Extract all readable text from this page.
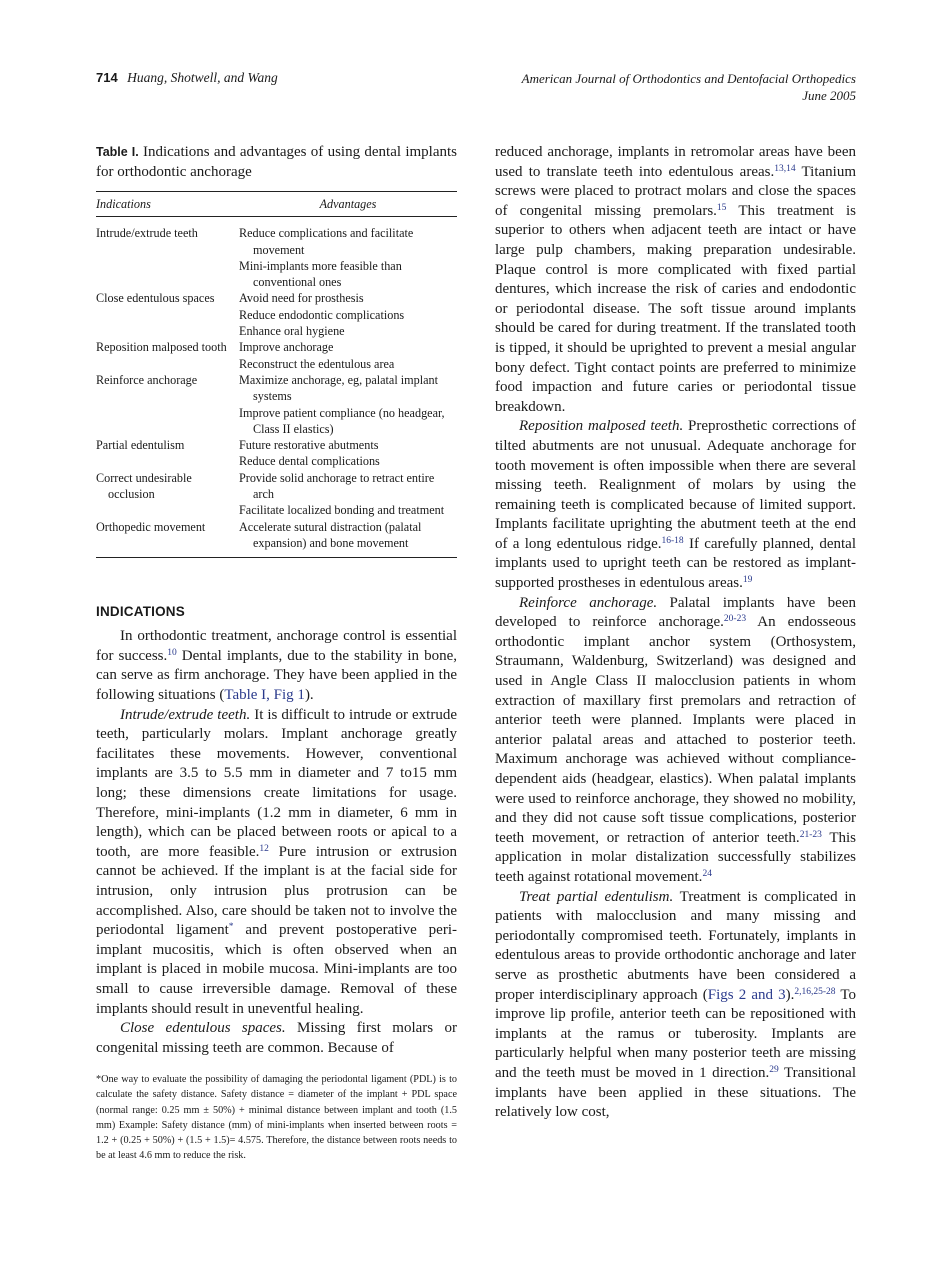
714 Huang, Shotwell, and Wang	American Journal of Orthodontics and Dentofacial Orthopedics
June 2005
Table I. Indications and advantages of using dental implants for orthodontic anchorage
Indications	Advantages

Intrude/extrude teeth	Reduce complications and facilitate movement

	Mini-implants more feasible than conventional ones

Close edentulous spaces	Avoid need for prosthesis

	Reduce endodontic complications

	Enhance oral hygiene

Reposition malposed tooth	Improve anchorage

	Reconstruct the edentulous area

Reinforce anchorage	Maximize anchorage, eg, palatal implant systems

	Improve patient compliance (no headgear, Class II elastics)

Partial edentulism	Future restorative abutments

	Reduce dental complications

Correct undesirable occlusion	Provide solid anchorage to retract entire arch

	Facilitate localized bonding and treatment

Orthopedic movement	Accelerate sutural distraction (palatal expansion) and bone movement
INDICATIONS

In orthodontic treatment, anchorage control is essential for success.$^{10}$ Dental implants, due to the stability in bone, can serve as firm anchorage. They have been applied in the following situations (Table I, Fig 1).

Intrude/extrude teeth. It is difficult to intrude or extrude teeth, particularly molars. Implant anchorage greatly facilitates these movements. However, conventional implants are 3.5 to 5.5 mm in diameter and 7 to15 mm long; these dimensions create limitations for usage. Therefore, mini-implants (1.2 mm in diameter, 6 mm in length), which can be placed between roots or apical to a tooth, are more feasible.$^{12}$ Pure intrusion or extrusion cannot be achieved. If the implant is at the facial side for intrusion, only intrusion plus protrusion can be accomplished. Also, care should be taken not to involve the periodontal ligament* and prevent postoperative peri-implant mucositis, which is often observed when an implant is placed in mobile mucosa. Mini-implants are too small to cause irreversible damage. Removal of these implants should result in uneventful healing.

Close edentulous spaces. Missing first molars or congenital missing teeth are common. Because of

*One way to evaluate the possibility of damaging the periodontal ligament (PDL) is to calculate the safety distance. Safety distance = diameter of the implant + PDL space (normal range: 0.25 mm ± 50%) + minimal distance between implant and tooth (1.5 mm) Example: Safety distance (mm) of mini-implants when inserted between roots = 1.2 + (0.25 + 50%) + (1.5 + 1.5)= 4.575. Therefore, the distance between roots needs to be at least 4.6 mm to reduce the risk.

reduced anchorage, implants in retromolar areas have been used to translate teeth into edentulous areas.$^{13,14}$ Titanium screws were placed to protract molars and close the spaces of congenital missing premolars.$^{15}$ This treatment is superior to others when adjacent teeth are intact or have large pulp chambers, making preparation undesirable. Plaque control is more complicated with fixed partial dentures, which increase the risk of caries and endodontic or periodontal disease. The soft tissue around implants should be cared for during treatment. If the translated tooth is tipped, it should be uprighted to prevent a mesial angular bony defect. Tight contact points are preferred to minimize food impaction and future caries or periodontal tissue breakdown.

Reposition malposed teeth. Preprosthetic corrections of tilted abutments are not unusual. Adequate anchorage for tooth movement is often impossible when there are several missing teeth. Realignment of molars by using the remaining teeth is complicated because of limited support. Implants facilitate uprighting the abutment teeth at the end of a long edentulous ridge.$^{16-18}$ If carefully planned, dental implants used to upright teeth can be restored as implant-supported prostheses in edentulous areas.$^{19}$

Reinforce anchorage. Palatal implants have been developed to reinforce anchorage.$^{20-23}$ An endosseous orthodontic implant anchor system (Orthosystem, Straumann, Waldenburg, Switzerland) was designed and used in Angle Class II malocclusion patients in whom extraction of maxillary first premolars and retraction of anterior teeth were planned. Implants were placed in anterior palatal areas and attached to posterior teeth. Maximum anchorage was achieved without compliance-dependent aids (headgear, elastics). When palatal implants were used to reinforce anchorage, they showed no mobility, and they did not cause soft tissue complications, posterior teeth movement, or retraction of anterior teeth.$^{21-23}$ This application in molar distalization successfully stabilizes teeth against rotational movement.$^{24}$

Treat partial edentulism. Treatment is complicated in patients with malocclusion and many missing and periodontally compromised teeth. Fortunately, implants in edentulous areas to provide orthodontic anchorage and later serve as prosthetic abutments have been considered a proper interdisciplinary approach (Figs 2 and 3).$^{2,16,25-28}$ To improve lip profile, anterior teeth can be repositioned with implants at the ramus or tuberosity. Implants are particularly helpful when many posterior teeth are missing and the teeth must be moved in 1 direction.$^{29}$ Transitional implants have been applied in these situations. The relatively low cost,
